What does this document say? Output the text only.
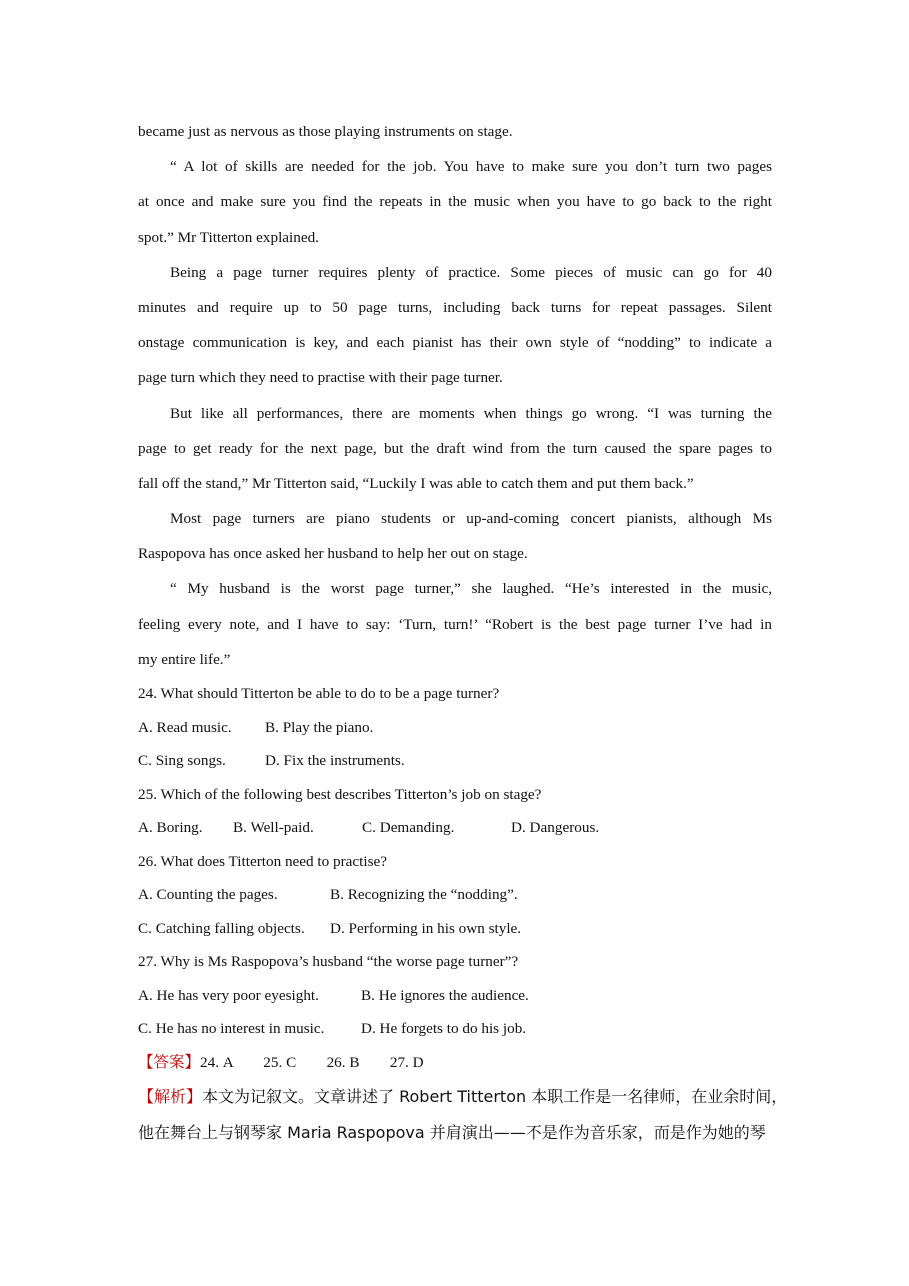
became just as nervous as those playing instruments on stage.
“ A lot of skills are needed for the job. You have to make sure you don’t turn two pages
at once and make sure you find the repeats in the music when you have to go back to the right
spot.” Mr Titterton explained.
Being a page turner requires plenty of practice. Some pieces of music can go for 40
minutes and require up to 50 page turns, including back turns for repeat passages. Silent
onstage communication is key, and each pianist has their own style of “nodding” to indicate a
page turn which they need to practise with their page turner.
But like all performances, there are moments when things go wrong. “I was turning the
page to get ready for the next page, but the draft wind from the turn caused the spare pages to
fall off the stand,” Mr Titterton said, “Luckily I was able to catch them and put them back.”
Most page turners are piano students or up-and-coming concert pianists, although Ms
Raspopova has once asked her husband to help her out on stage.
“ My husband is the worst page turner,” she laughed. “He’s interested in the music,
feeling every note, and I have to say: ‘Turn, turn!’ “Robert is the best page turner I’ve had in
my entire life.”
24. What should Titterton be able to do to be a page turner?
A. Read music. B. Play the piano.
C. Sing songs.	D. Fix the instruments.
25. Which of the following best describes Titterton’s job on stage?
A. Boring. B. Well-paid.	C. Demanding.	D. Dangerous.
26. What does Titterton need to practise?
A. Counting the pages.	B. Recognizing the “nodding”.
C. Catching falling objects. D. Performing in his own style.
27. Why is Ms Raspopova’s husband “the worse page turner”?
A. He has very poor eyesight.	B. He ignores the audience.
C. He has no interest in music. D. He forgets to do his job.
【答案】24. A        25. C        26. B        27. D
【解析】本文为记叙文。文章讲述了 Robert Titterton 本职工作是一名律师，在业余时间，
他在舞台上与钢琴家 Maria Raspopova 并肩演出——不是作为音乐家，而是作为她的琴
